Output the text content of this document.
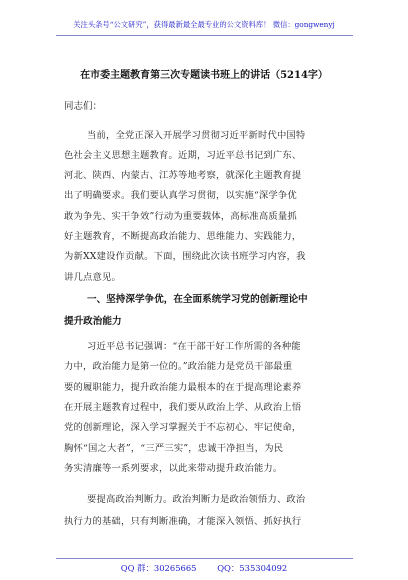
关注头条号“公文研究”，获得最新最全最专业的公文资料库！ 微信：gongwenyj
在市委主题教育第三次专题读书班上的讲话（5214字）
同志们：
当前，全党正深入开展学习贯彻习近平新时代中国特
色社会主义思想主题教育。近期，习近平总书记到广东、
河北、陕西、内蒙古、江苏等地考察，就深化主题教育提
出了明确要求。我们要认真学习贯彻，以实施“深学争优
敢为争先、实干争效”行动为重要载体，高标准高质量抓
好主题教育，不断提高政治能力、思维能力、实践能力，
为新XX建设作贡献。下面，围绕此次读书班学习内容，我
讲几点意见。
一、坚持深学争优，在全面系统学习党的创新理论中
提升政治能力
习近平总书记强调：“在干部干好工作所需的各种能
力中，政治能力是第一位的。”政治能力是党员干部最重
要的履职能力，提升政治能力最根本的在于提高理论素养
在开展主题教育过程中，我们要从政治上学、从政治上悟
党的创新理论，深入学习掌握关于不忘初心、牢记使命，
胸怀“国之大者”，“三严三实”，忠诚干净担当，为民
务实清廉等一系列要求，以此来带动提升政治能力。
要提高政治判断力。政治判断力是政治领悟力、政治
执行力的基础，只有判断准确，才能深入领悟、抓好执行
QQ 群：30265665 QQ：535304092
